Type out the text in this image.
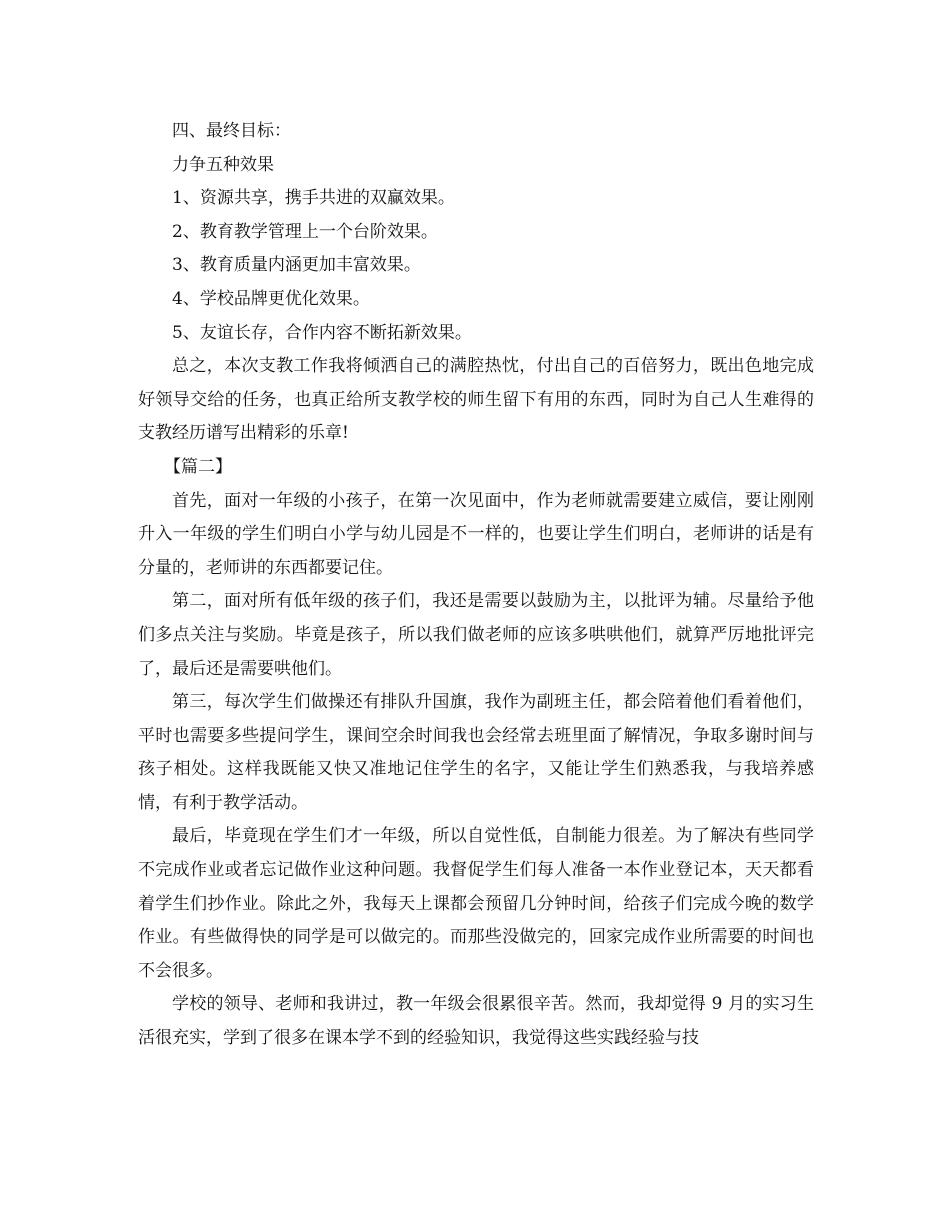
四、最终目标：

力争五种效果

1、资源共享，携手共进的双赢效果。

2、教育教学管理上一个台阶效果。

3、教育质量内涵更加丰富效果。

4、学校品牌更优化效果。

5、友谊长存，合作内容不断拓新效果。

总之，本次支教工作我将倾洒自己的满腔热忱，付出自己的百倍努力，既出色地完成好领导交给的任务，也真正给所支教学校的师生留下有用的东西，同时为自己人生难得的支教经历谱写出精彩的乐章!

【篇二】

首先，面对一年级的小孩子，在第一次见面中，作为老师就需要建立威信，要让刚刚升入一年级的学生们明白小学与幼儿园是不一样的，也要让学生们明白，老师讲的话是有分量的，老师讲的东西都要记住。

第二，面对所有低年级的孩子们，我还是需要以鼓励为主，以批评为辅。尽量给予他们多点关注与奖励。毕竟是孩子，所以我们做老师的应该多哄哄他们，就算严厉地批评完了，最后还是需要哄他们。

第三，每次学生们做操还有排队升国旗，我作为副班主任，都会陪着他们看着他们，平时也需要多些提问学生，课间空余时间我也会经常去班里面了解情况，争取多谢时间与孩子相处。这样我既能又快又准地记住学生的名字，又能让学生们熟悉我，与我培养感情，有利于教学活动。

最后，毕竟现在学生们才一年级，所以自觉性低，自制能力很差。为了解决有些同学不完成作业或者忘记做作业这种问题。我督促学生们每人准备一本作业登记本，天天都看着学生们抄作业。除此之外，我每天上课都会预留几分钟时间，给孩子们完成今晚的数学作业。有些做得快的同学是可以做完的。而那些没做完的，回家完成作业所需要的时间也不会很多。

学校的领导、老师和我讲过，教一年级会很累很辛苦。然而，我却觉得 9 月的实习生活很充实，学到了很多在课本学不到的经验知识，我觉得这些实践经验与技
